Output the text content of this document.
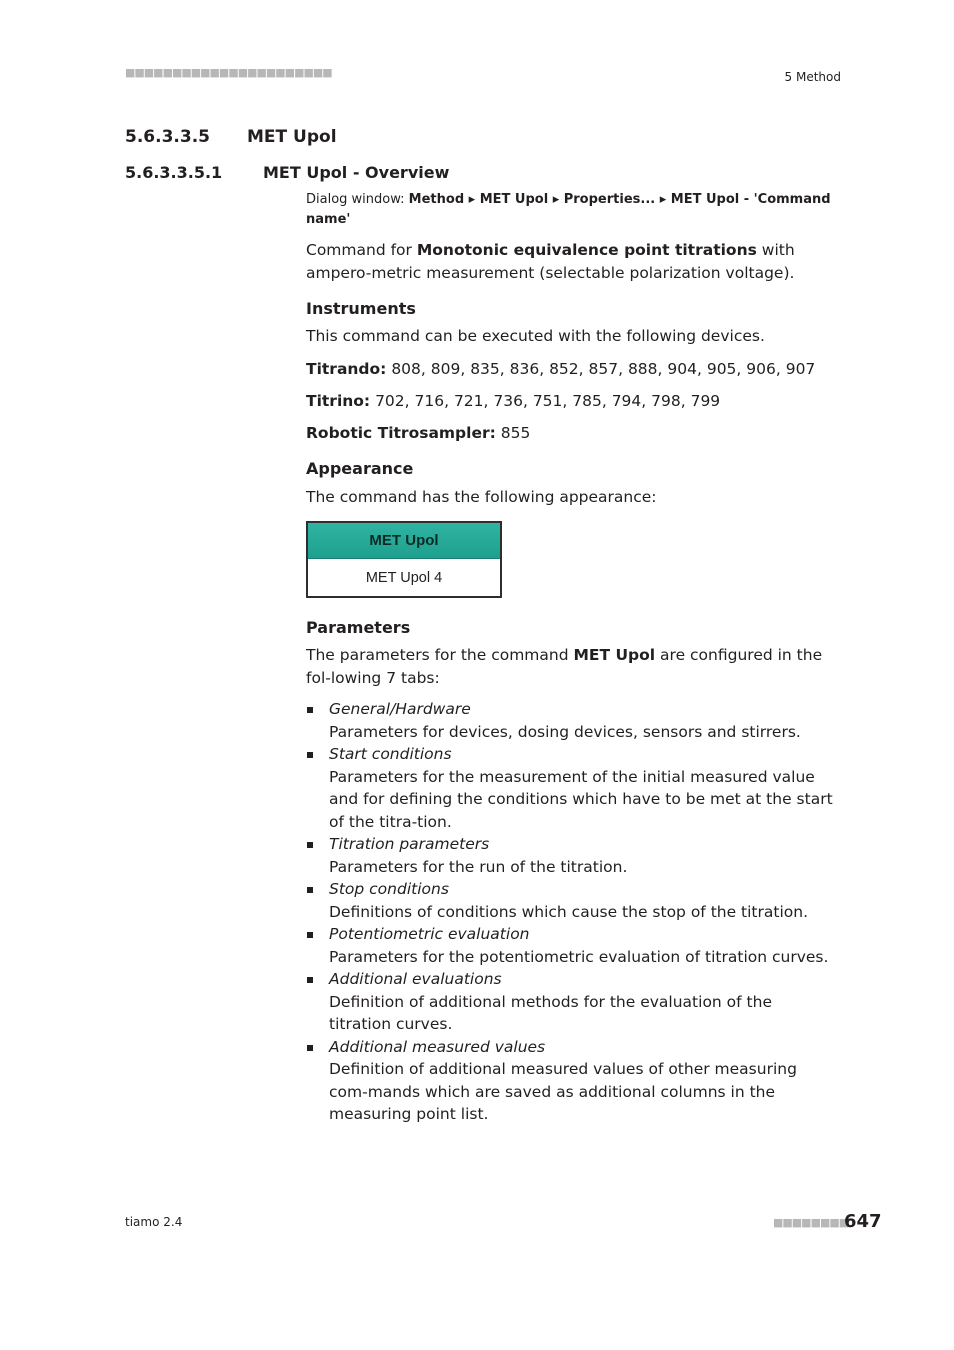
■■■■■■■■■■■■■■■■■■■■■■	5 Method
5.6.3.3.5 MET Upol
5.6.3.3.5.1	MET Upol - Overview
Dialog window: Method ▸ MET Upol ▸ Properties... ▸ MET Upol - 'Command name'

Command for Monotonic equivalence point titrations with ampero-metric measurement (selectable polarization voltage).

Instruments

This command can be executed with the following devices.

Titrando: 808, 809, 835, 836, 852, 857, 888, 904, 905, 906, 907

Titrino: 702, 716, 721, 736, 751, 785, 794, 798, 799

Robotic Titrosampler: 855

Appearance

The command has the following appearance:

MET Upol
MET Upol 4
Parameters

The parameters for the command MET Upol are configured in the fol-lowing 7 tabs:

General/Hardware
Parameters for devices, dosing devices, sensors and stirrers.
Start conditions
Parameters for the measurement of the initial measured value and for defining the conditions which have to be met at the start of the titra-tion.
Titration parameters
Parameters for the run of the titration.
Stop conditions
Definitions of conditions which cause the stop of the titration.
Potentiometric evaluation
Parameters for the potentiometric evaluation of titration curves.
Additional evaluations
Definition of additional methods for the evaluation of the titration curves.
Additional measured values
Definition of additional measured values of other measuring com-mands which are saved as additional columns in the measuring point list.
tiamo 2.4	■■■■■■■■
647
